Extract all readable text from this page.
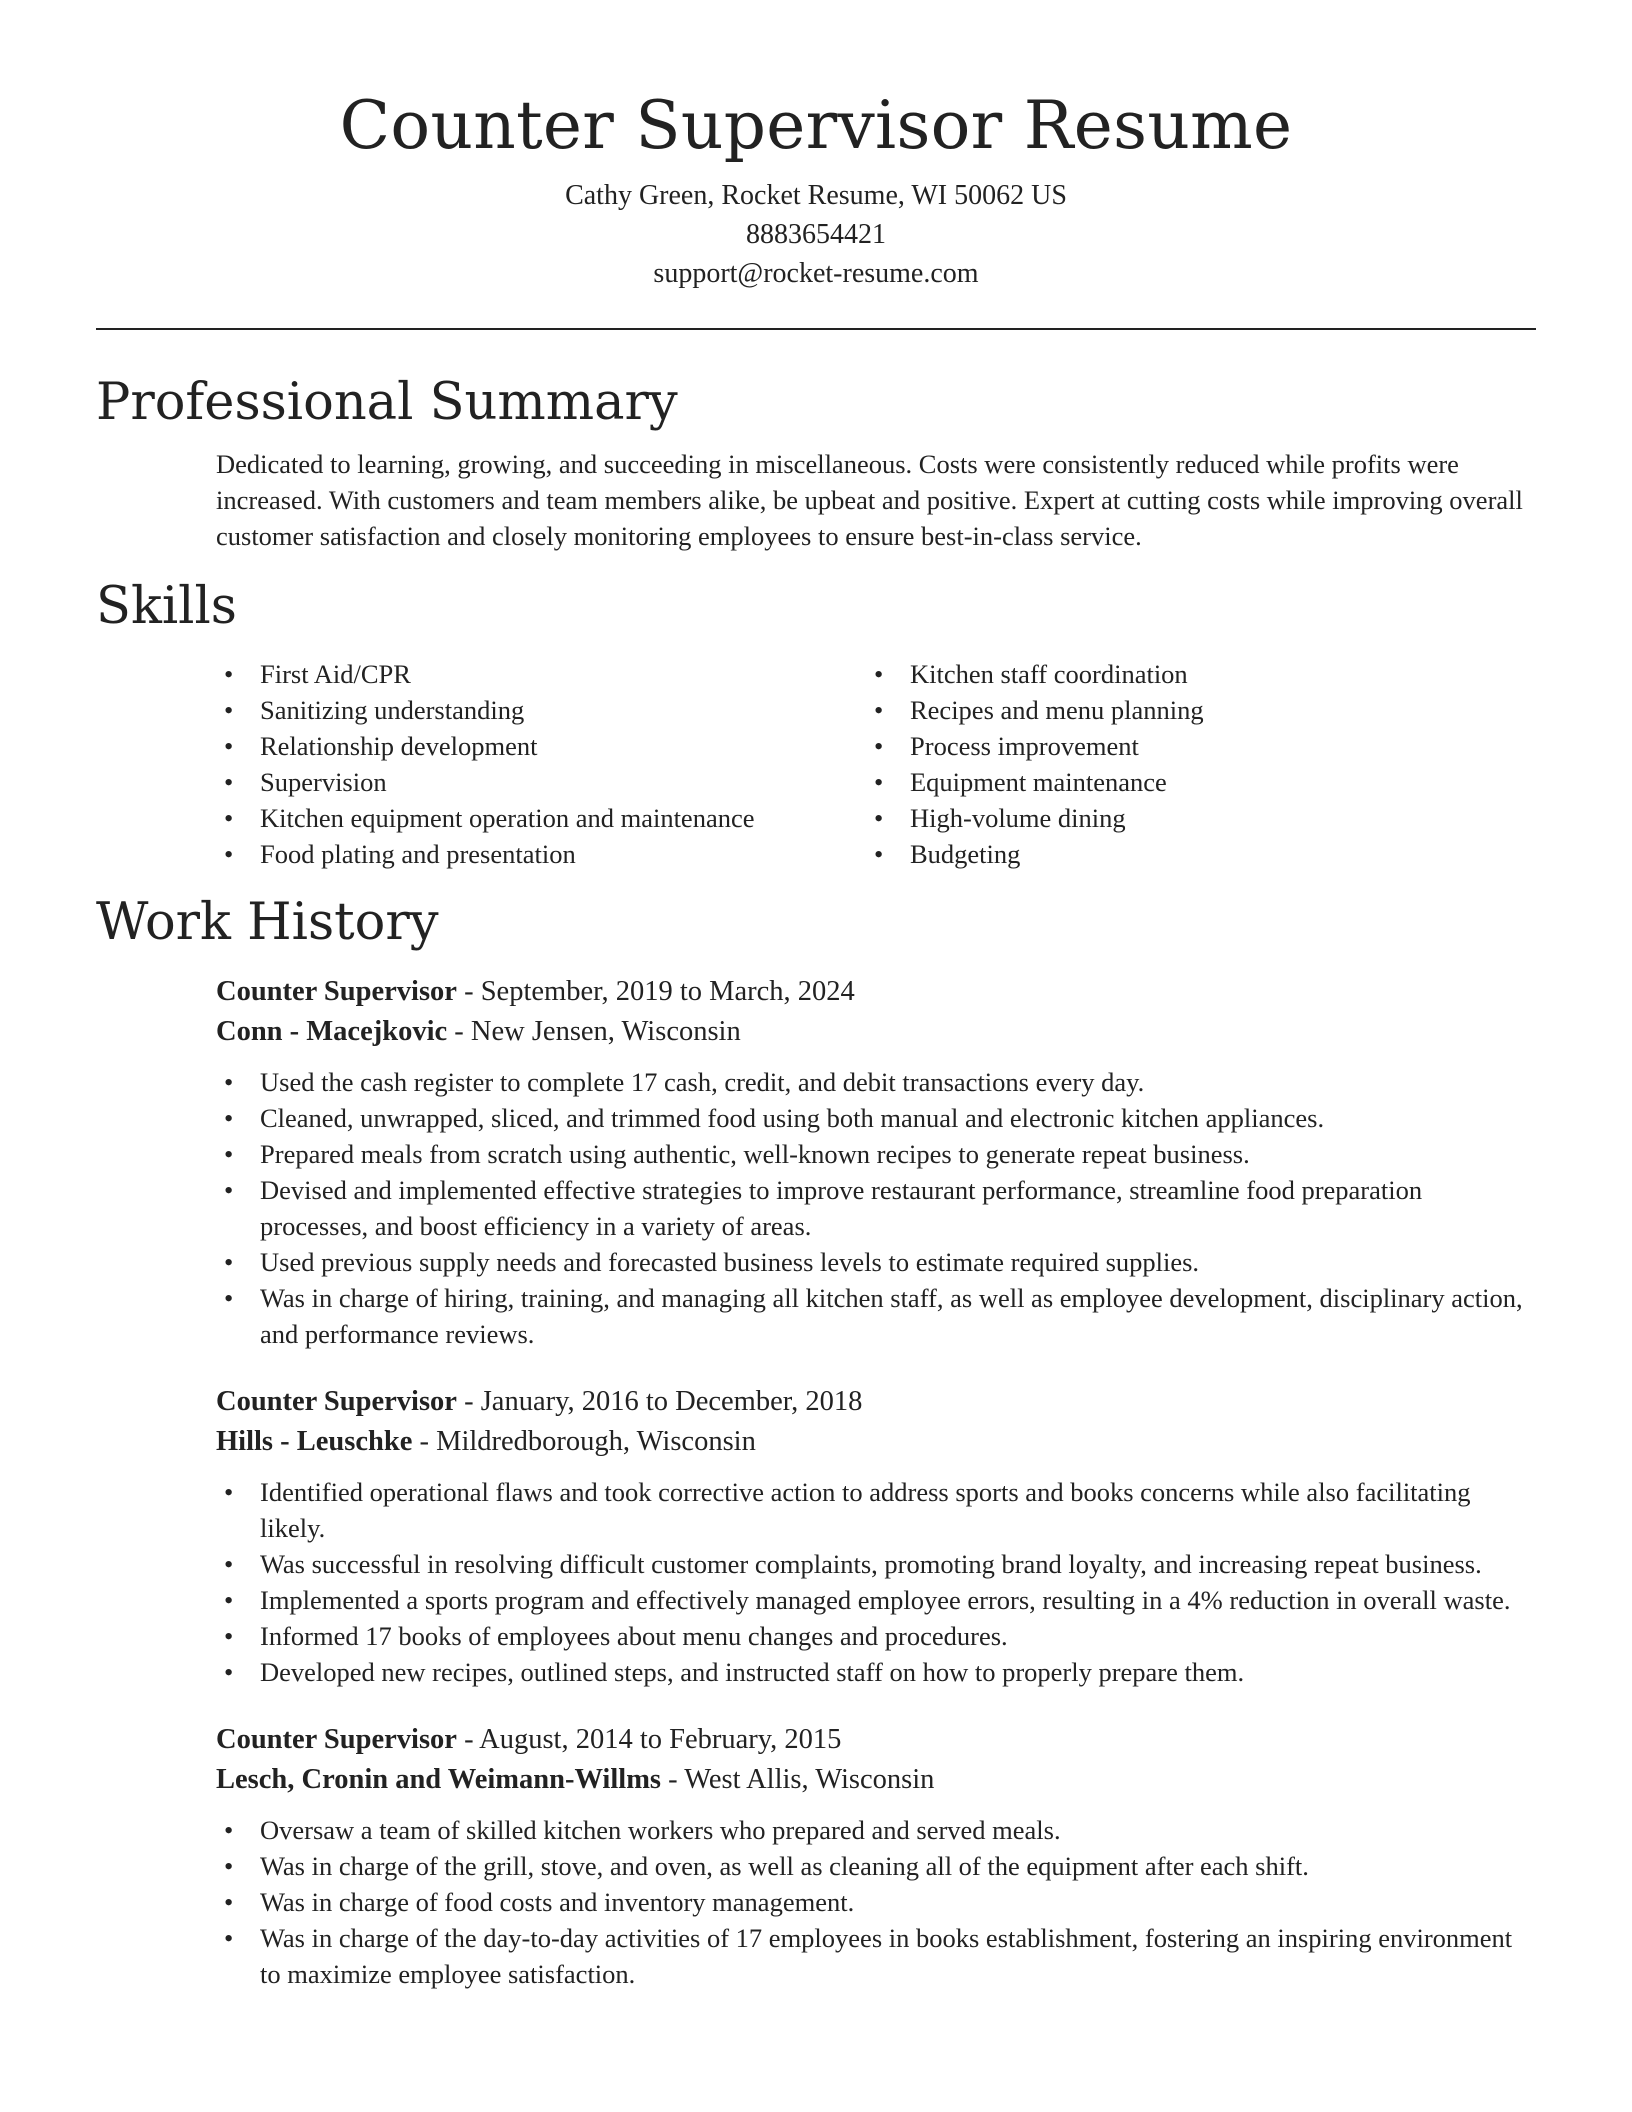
Counter Supervisor Resume
Cathy Green, Rocket Resume, WI 50062 US
8883654421
support@rocket-resume.com
Professional Summary

Dedicated to learning, growing, and succeeding in miscellaneous. Costs were consistently reduced while profits were increased. With customers and team members alike, be upbeat and positive. Expert at cutting costs while improving overall customer satisfaction and closely monitoring employees to ensure best-in-class service.

Skills
• First Aid/CPR
• Sanitizing understanding
• Relationship development
• Supervision
• Kitchen equipment operation and maintenance
• Food plating and presentation
• Kitchen staff coordination
• Recipes and menu planning
• Process improvement
• Equipment maintenance
• High-volume dining
• Budgeting
Work History
Counter Supervisor - September, 2019 to March, 2024
Conn - Macejkovic - New Jensen, Wisconsin
• Used the cash register to complete 17 cash, credit, and debit transactions every day.
• Cleaned, unwrapped, sliced, and trimmed food using both manual and electronic kitchen appliances.
• Prepared meals from scratch using authentic, well-known recipes to generate repeat business.
• Devised and implemented effective strategies to improve restaurant performance, streamline food preparation processes, and boost efficiency in a variety of areas.
• Used previous supply needs and forecasted business levels to estimate required supplies.
• Was in charge of hiring, training, and managing all kitchen staff, as well as employee development, disciplinary action, and performance reviews.
Counter Supervisor - January, 2016 to December, 2018
Hills - Leuschke - Mildredborough, Wisconsin
• Identified operational flaws and took corrective action to address sports and books concerns while also facilitating likely.
• Was successful in resolving difficult customer complaints, promoting brand loyalty, and increasing repeat business.
• Implemented a sports program and effectively managed employee errors, resulting in a 4% reduction in overall waste.
• Informed 17 books of employees about menu changes and procedures.
• Developed new recipes, outlined steps, and instructed staff on how to properly prepare them.
Counter Supervisor - August, 2014 to February, 2015
Lesch, Cronin and Weimann-Willms - West Allis, Wisconsin
• Oversaw a team of skilled kitchen workers who prepared and served meals.
• Was in charge of the grill, stove, and oven, as well as cleaning all of the equipment after each shift.
• Was in charge of food costs and inventory management.
• Was in charge of the day-to-day activities of 17 employees in books establishment, fostering an inspiring environment to maximize employee satisfaction.
